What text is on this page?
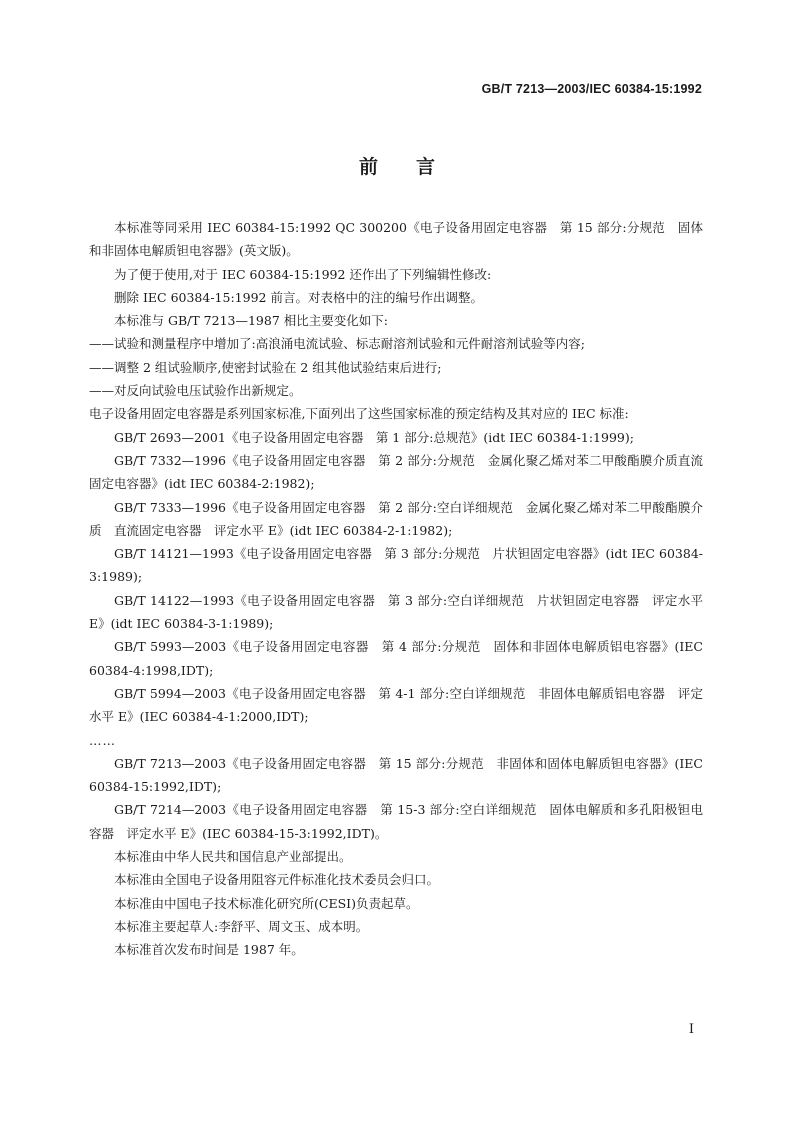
GB/T 7213—2003/IEC 60384-15:1992
前 言
本标准等同采用 IEC 60384-15:1992 QC 300200《电子设备用固定电容器　第 15 部分:分规范　固体和非固体电解质钽电容器》(英文版)。
为了便于使用,对于 IEC 60384-15:1992 还作出了下列编辑性修改:
删除 IEC 60384-15:1992 前言。对表格中的注的编号作出调整。
本标准与 GB/T 7213—1987 相比主要变化如下:
——试验和测量程序中增加了:高浪涌电流试验、标志耐溶剂试验和元件耐溶剂试验等内容;
——调整 2 组试验顺序,使密封试验在 2 组其他试验结束后进行;
——对反向试验电压试验作出新规定。
电子设备用固定电容器是系列国家标准,下面列出了这些国家标准的预定结构及其对应的 IEC 标准:
GB/T 2693—2001《电子设备用固定电容器　第 1 部分:总规范》(idt IEC 60384-1:1999);
GB/T 7332—1996《电子设备用固定电容器　第 2 部分:分规范　金属化聚乙烯对苯二甲酸酯膜介质直流固定电容器》(idt IEC 60384-2:1982);
GB/T 7333—1996《电子设备用固定电容器　第 2 部分:空白详细规范　金属化聚乙烯对苯二甲酸酯膜介质　直流固定电容器　评定水平 E》(idt IEC 60384-2-1:1982);
GB/T 14121—1993《电子设备用固定电容器　第 3 部分:分规范　片状钽固定电容器》(idt IEC 60384-3:1989);
GB/T 14122—1993《电子设备用固定电容器　第 3 部分:空白详细规范　片状钽固定电容器　评定水平 E》(idt IEC 60384-3-1:1989);
GB/T 5993—2003《电子设备用固定电容器　第 4 部分:分规范　固体和非固体电解质铝电容器》(IEC 60384-4:1998,IDT);
GB/T 5994—2003《电子设备用固定电容器　第 4-1 部分:空白详细规范　非固体电解质铝电容器　评定水平 E》(IEC 60384-4-1:2000,IDT);
……
GB/T 7213—2003《电子设备用固定电容器　第 15 部分:分规范　非固体和固体电解质钽电容器》(IEC 60384-15:1992,IDT);
GB/T 7214—2003《电子设备用固定电容器　第 15-3 部分:空白详细规范　固体电解质和多孔阳极钽电容器　评定水平 E》(IEC 60384-15-3:1992,IDT)。
本标准由中华人民共和国信息产业部提出。
本标准由全国电子设备用阻容元件标准化技术委员会归口。
本标准由中国电子技术标准化研究所(CESI)负责起草。
本标准主要起草人:李舒平、周文玉、成本明。
本标准首次发布时间是 1987 年。
I
